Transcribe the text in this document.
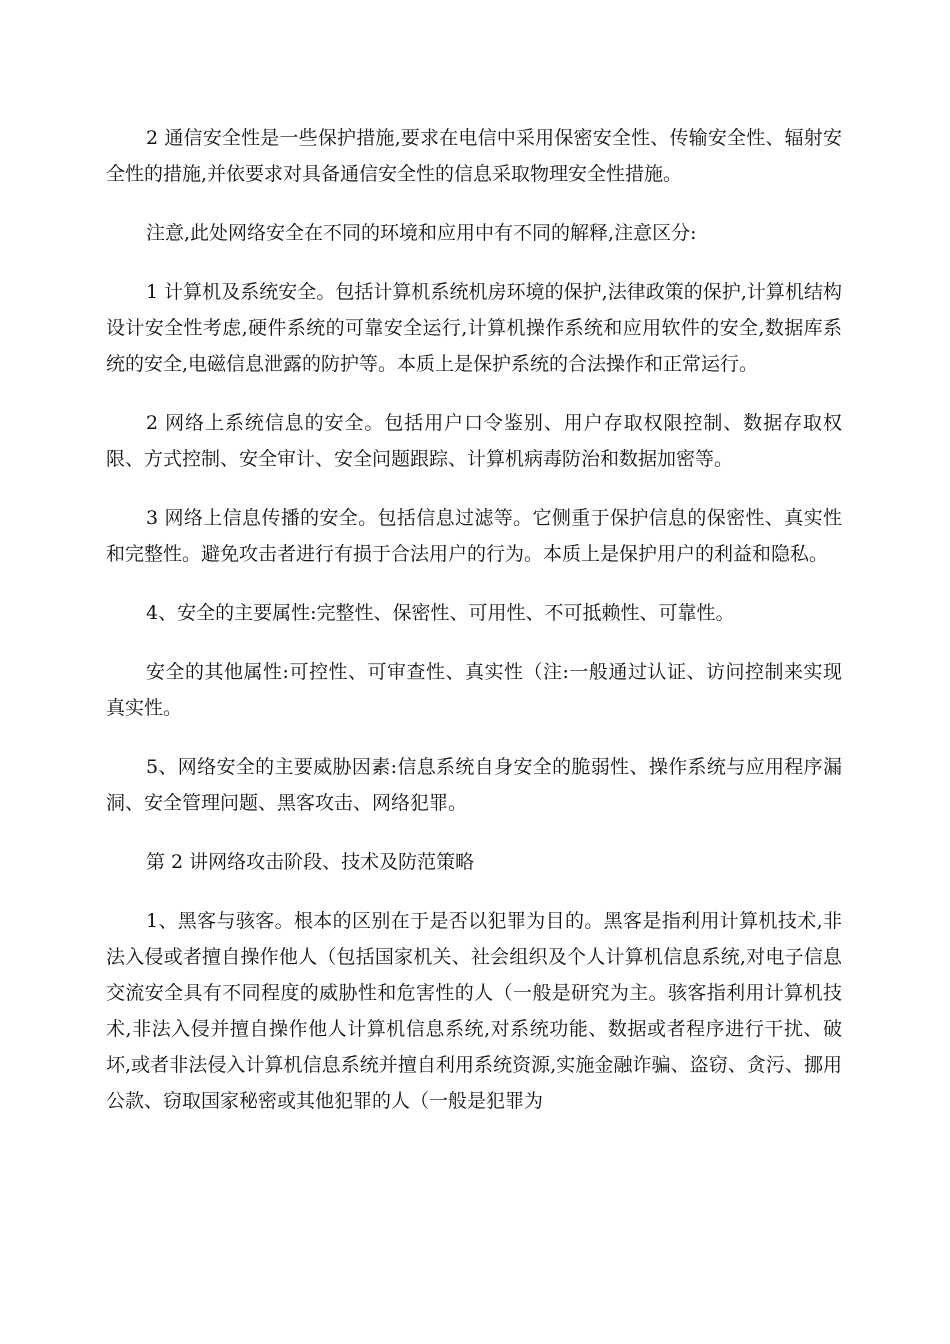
2 通信安全性是一些保护措施,要求在电信中采用保密安全性、传输安全性、辐射安全性的措施,并依要求对具备通信安全性的信息采取物理安全性措施。

注意,此处网络安全在不同的环境和应用中有不同的解释,注意区分:

1 计算机及系统安全。包括计算机系统机房环境的保护,法律政策的保护,计算机结构设计安全性考虑,硬件系统的可靠安全运行,计算机操作系统和应用软件的安全,数据库系统的安全,电磁信息泄露的防护等。本质上是保护系统的合法操作和正常运行。

2 网络上系统信息的安全。包括用户口令鉴别、用户存取权限控制、数据存取权限、方式控制、安全审计、安全问题跟踪、计算机病毒防治和数据加密等。

3 网络上信息传播的安全。包括信息过滤等。它侧重于保护信息的保密性、真实性和完整性。避免攻击者进行有损于合法用户的行为。本质上是保护用户的利益和隐私。

4、安全的主要属性:完整性、保密性、可用性、不可抵赖性、可靠性。

安全的其他属性:可控性、可审查性、真实性（注:一般通过认证、访问控制来实现真实性。

5、网络安全的主要威胁因素:信息系统自身安全的脆弱性、操作系统与应用程序漏洞、安全管理问题、黑客攻击、网络犯罪。

第 2 讲网络攻击阶段、技术及防范策略

1、黑客与骇客。根本的区别在于是否以犯罪为目的。黑客是指利用计算机技术,非法入侵或者擅自操作他人（包括国家机关、社会组织及个人计算机信息系统,对电子信息交流安全具有不同程度的威胁性和危害性的人（一般是研究为主。骇客指利用计算机技术,非法入侵并擅自操作他人计算机信息系统,对系统功能、数据或者程序进行干扰、破坏,或者非法侵入计算机信息系统并擅自利用系统资源,实施金融诈骗、盗窃、贪污、挪用公款、窃取国家秘密或其他犯罪的人（一般是犯罪为
